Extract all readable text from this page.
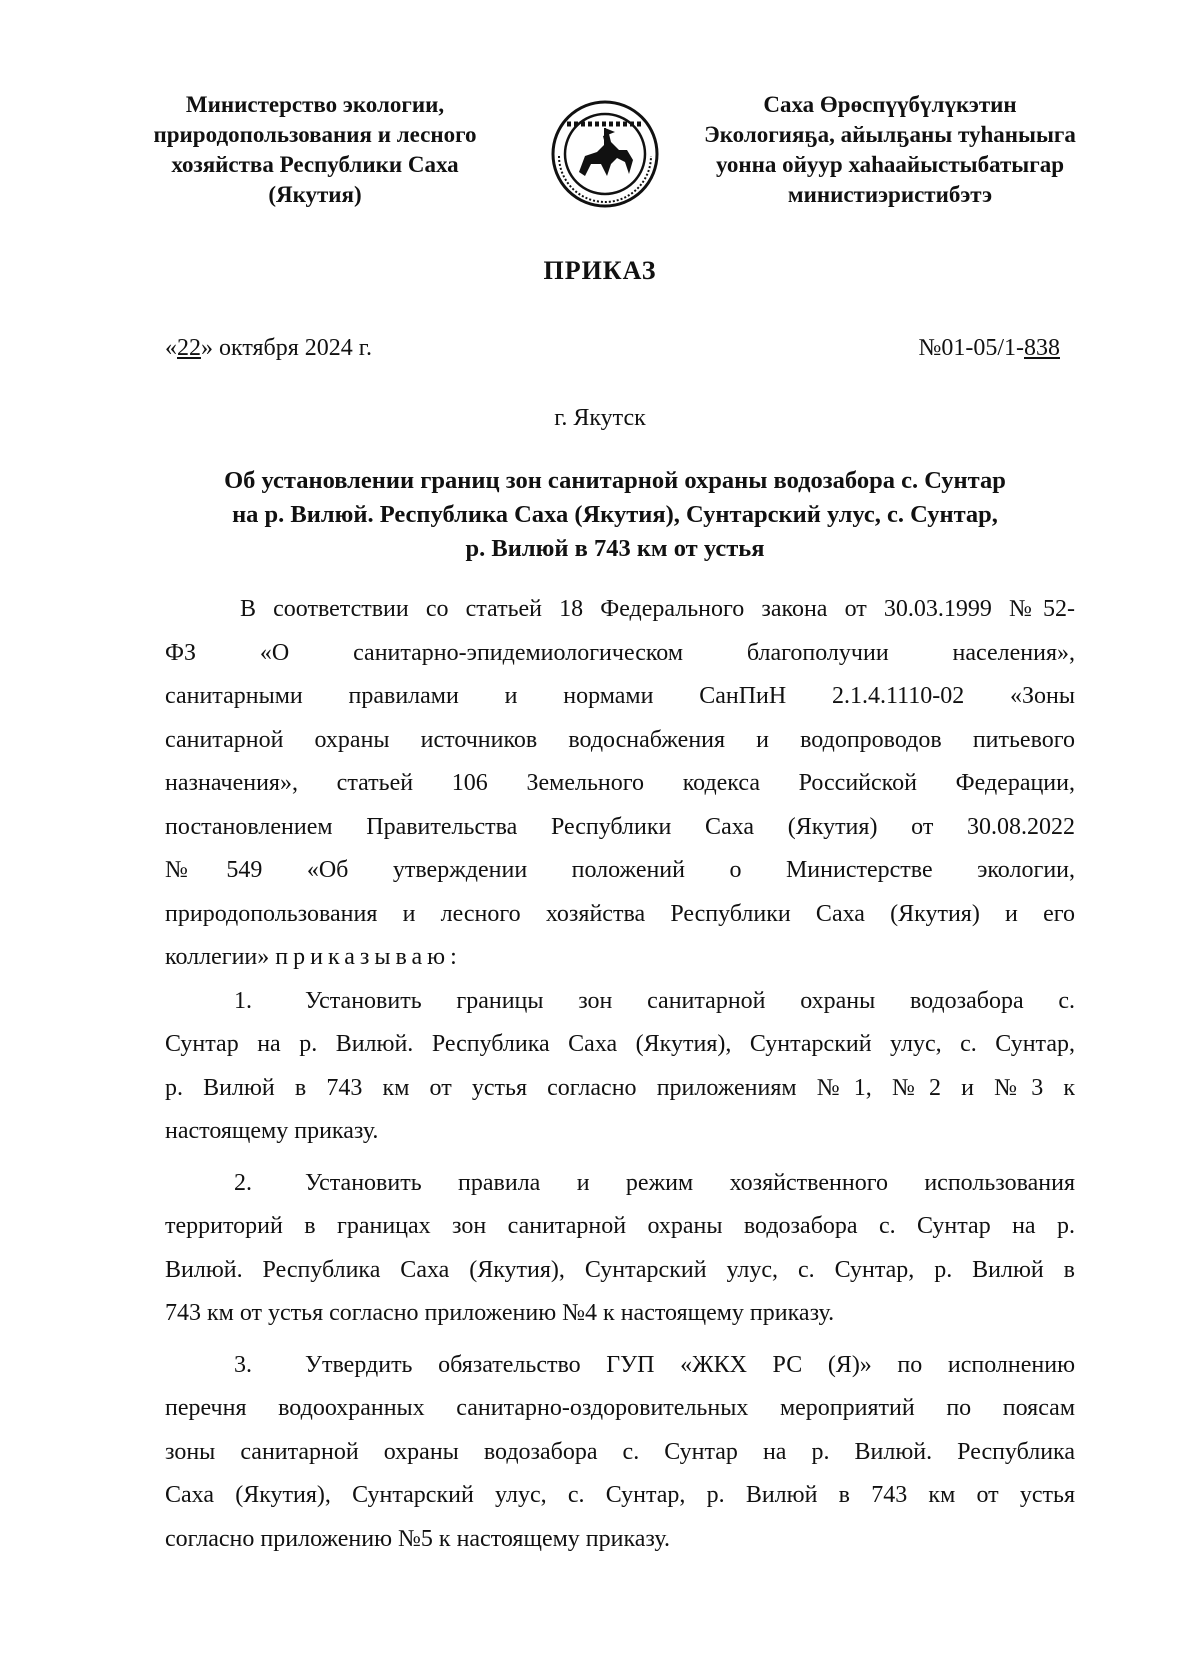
Министерство экологии,
природопользования и лесного
хозяйства Республики Саха
(Якутия)
Саха Өрөспүүбүлүкэтин
Экологияҕа, айылҕаны туһаныыга
уонна ойуур хаһаайыстыбатыгар
министиэристибэтэ
ПРИКАЗ
«22» октября 2024 г.	№01-05/1-838
г. Якутск
Об установлении границ зон санитарной охраны водозабора с. Сунтар
на р. Вилюй. Республика Саха (Якутия), Сунтарский улус, с. Сунтар,
р. Вилюй в 743 км от устья
В соответствии со статьей 18 Федерального закона от 30.03.1999 №52-
ФЗ «О санитарно-эпидемиологическом благополучии населения»,
санитарными правилами и нормами СанПиН 2.1.4.1110-02 «Зоны
санитарной охраны источников водоснабжения и водопроводов питьевого
назначения», статьей 106 Земельного кодекса Российской Федерации,
постановлением Правительства Республики Саха (Якутия) от 30.08.2022
№549 «Об утверждении положений о Министерстве экологии,
природопользования и лесного хозяйства Республики Саха (Якутия) и его
коллегии» приказываю:
1. Установить границы зон санитарной охраны водозабора с.
Сунтар на р. Вилюй. Республика Саха (Якутия), Сунтарский улус, с. Сунтар,
р. Вилюй в 743 км от устья согласно приложениям №1, №2 и №3 к
настоящему приказу.
2. Установить правила и режим хозяйственного использования
территорий в границах зон санитарной охраны водозабора с. Сунтар на р.
Вилюй. Республика Саха (Якутия), Сунтарский улус, с. Сунтар, р. Вилюй в
743 км от устья согласно приложению №4 к настоящему приказу.
3. Утвердить обязательство ГУП «ЖКХ РС (Я)» по исполнению
перечня водоохранных санитарно-оздоровительных мероприятий по поясам
зоны санитарной охраны водозабора с. Сунтар на р. Вилюй. Республика
Саха (Якутия), Сунтарский улус, с. Сунтар, р. Вилюй в 743 км от устья
согласно приложению №5 к настоящему приказу.
